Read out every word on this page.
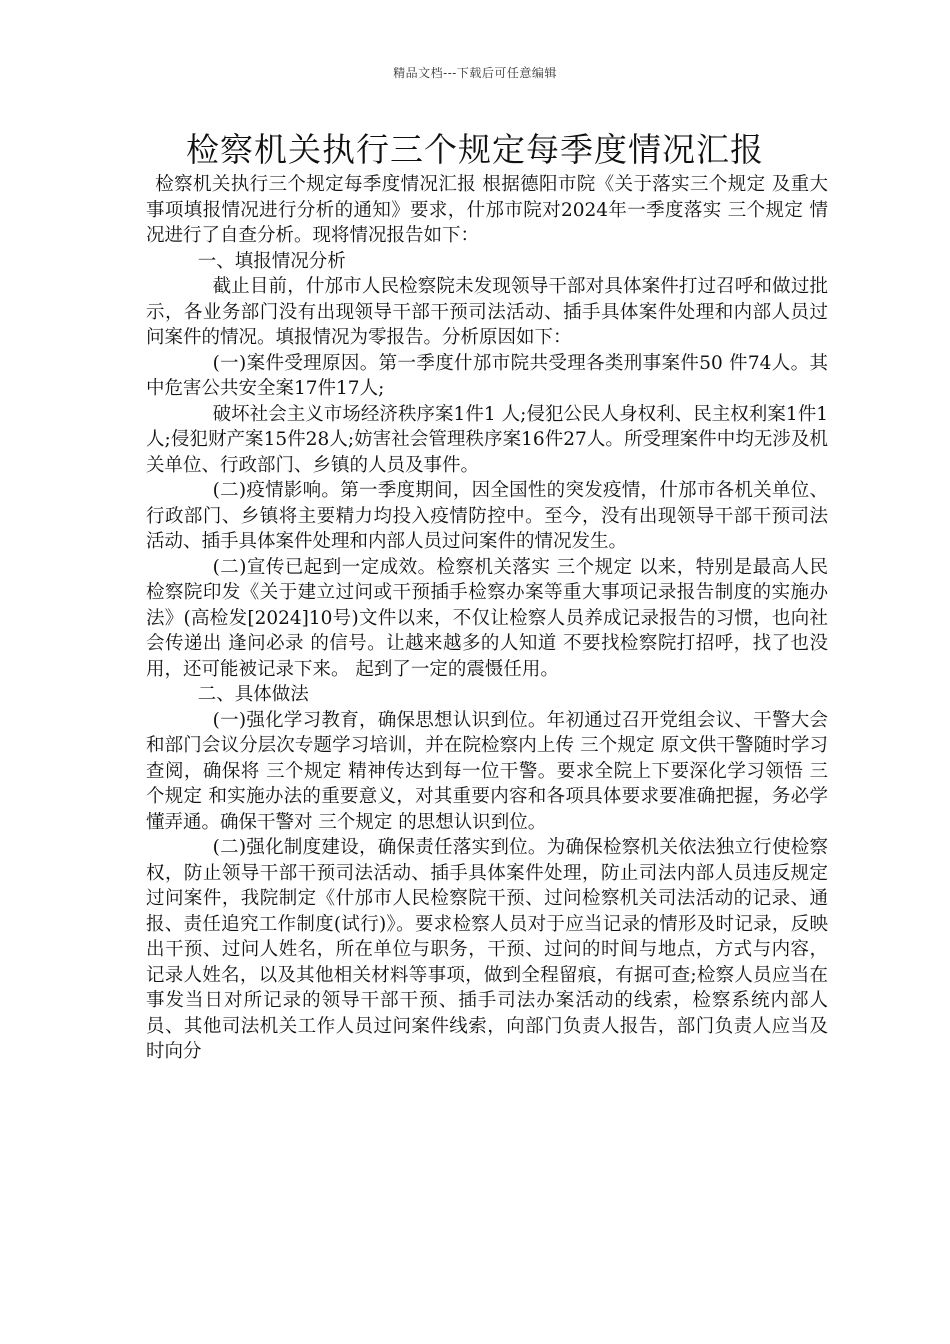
精品文档---下载后可任意编辑
检察机关执行三个规定每季度情况汇报

检察机关执行三个规定每季度情况汇报 根据德阳市院《关于落实三个规定 及重大事项填报情况进行分析的通知》要求，什邡市院对2024年一季度落实 三个规定 情况进行了自查分析。现将情况报告如下：

一、填报情况分析

截止目前，什邡市人民检察院未发现领导干部对具体案件打过召呼和做过批示，各业务部门没有出现领导干部干预司法活动、插手具体案件处理和内部人员过问案件的情况。填报情况为零报告。分析原因如下：

(一)案件受理原因。第一季度什邡市院共受理各类刑事案件50 件74人。其中危害公共安全案17件17人;

破坏社会主义市场经济秩序案1件1 人;侵犯公民人身权利、民主权利案1件1人;侵犯财产案15件28人;妨害社会管理秩序案16件27人。所受理案件中均无涉及机关单位、行政部门、乡镇的人员及事件。

(二)疫情影响。第一季度期间，因全国性的突发疫情，什邡市各机关单位、行政部门、乡镇将主要精力均投入疫情防控中。至今，没有出现领导干部干预司法活动、插手具体案件处理和内部人员过问案件的情况发生。

(二)宣传已起到一定成效。检察机关落实 三个规定 以来，特别是最高人民检察院印发《关于建立过问或干预插手检察办案等重大事项记录报告制度的实施办法》(高检发[2024]10号)文件以来，不仅让检察人员养成记录报告的习惯，也向社会传递出 逢问必录 的信号。让越来越多的人知道 不要找检察院打招呼，找了也没用，还可能被记录下来。 起到了一定的震慑任用。

二、具体做法

(一)强化学习教育，确保思想认识到位。年初通过召开党组会议、干警大会和部门会议分层次专题学习培训，并在院检察内上传 三个规定 原文供干警随时学习查阅，确保将 三个规定 精神传达到每一位干警。要求全院上下要深化学习领悟 三个规定 和实施办法的重要意义，对其重要内容和各项具体要求要准确把握，务必学懂弄通。确保干警对 三个规定 的思想认识到位。

(二)强化制度建设，确保责任落实到位。为确保检察机关依法独立行使检察权，防止领导干部干预司法活动、插手具体案件处理，防止司法内部人员违反规定过问案件，我院制定《什邡市人民检察院干预、过问检察机关司法活动的记录、通报、责任追究工作制度(试行)》。要求检察人员对于应当记录的情形及时记录，反映出干预、过问人姓名，所在单位与职务，干预、过问的时间与地点，方式与内容，记录人姓名，以及其他相关材料等事项，做到全程留痕，有据可查;检察人员应当在事发当日对所记录的领导干部干预、插手司法办案活动的线索，检察系统内部人员、其他司法机关工作人员过问案件线索，向部门负责人报告，部门负责人应当及时向分
